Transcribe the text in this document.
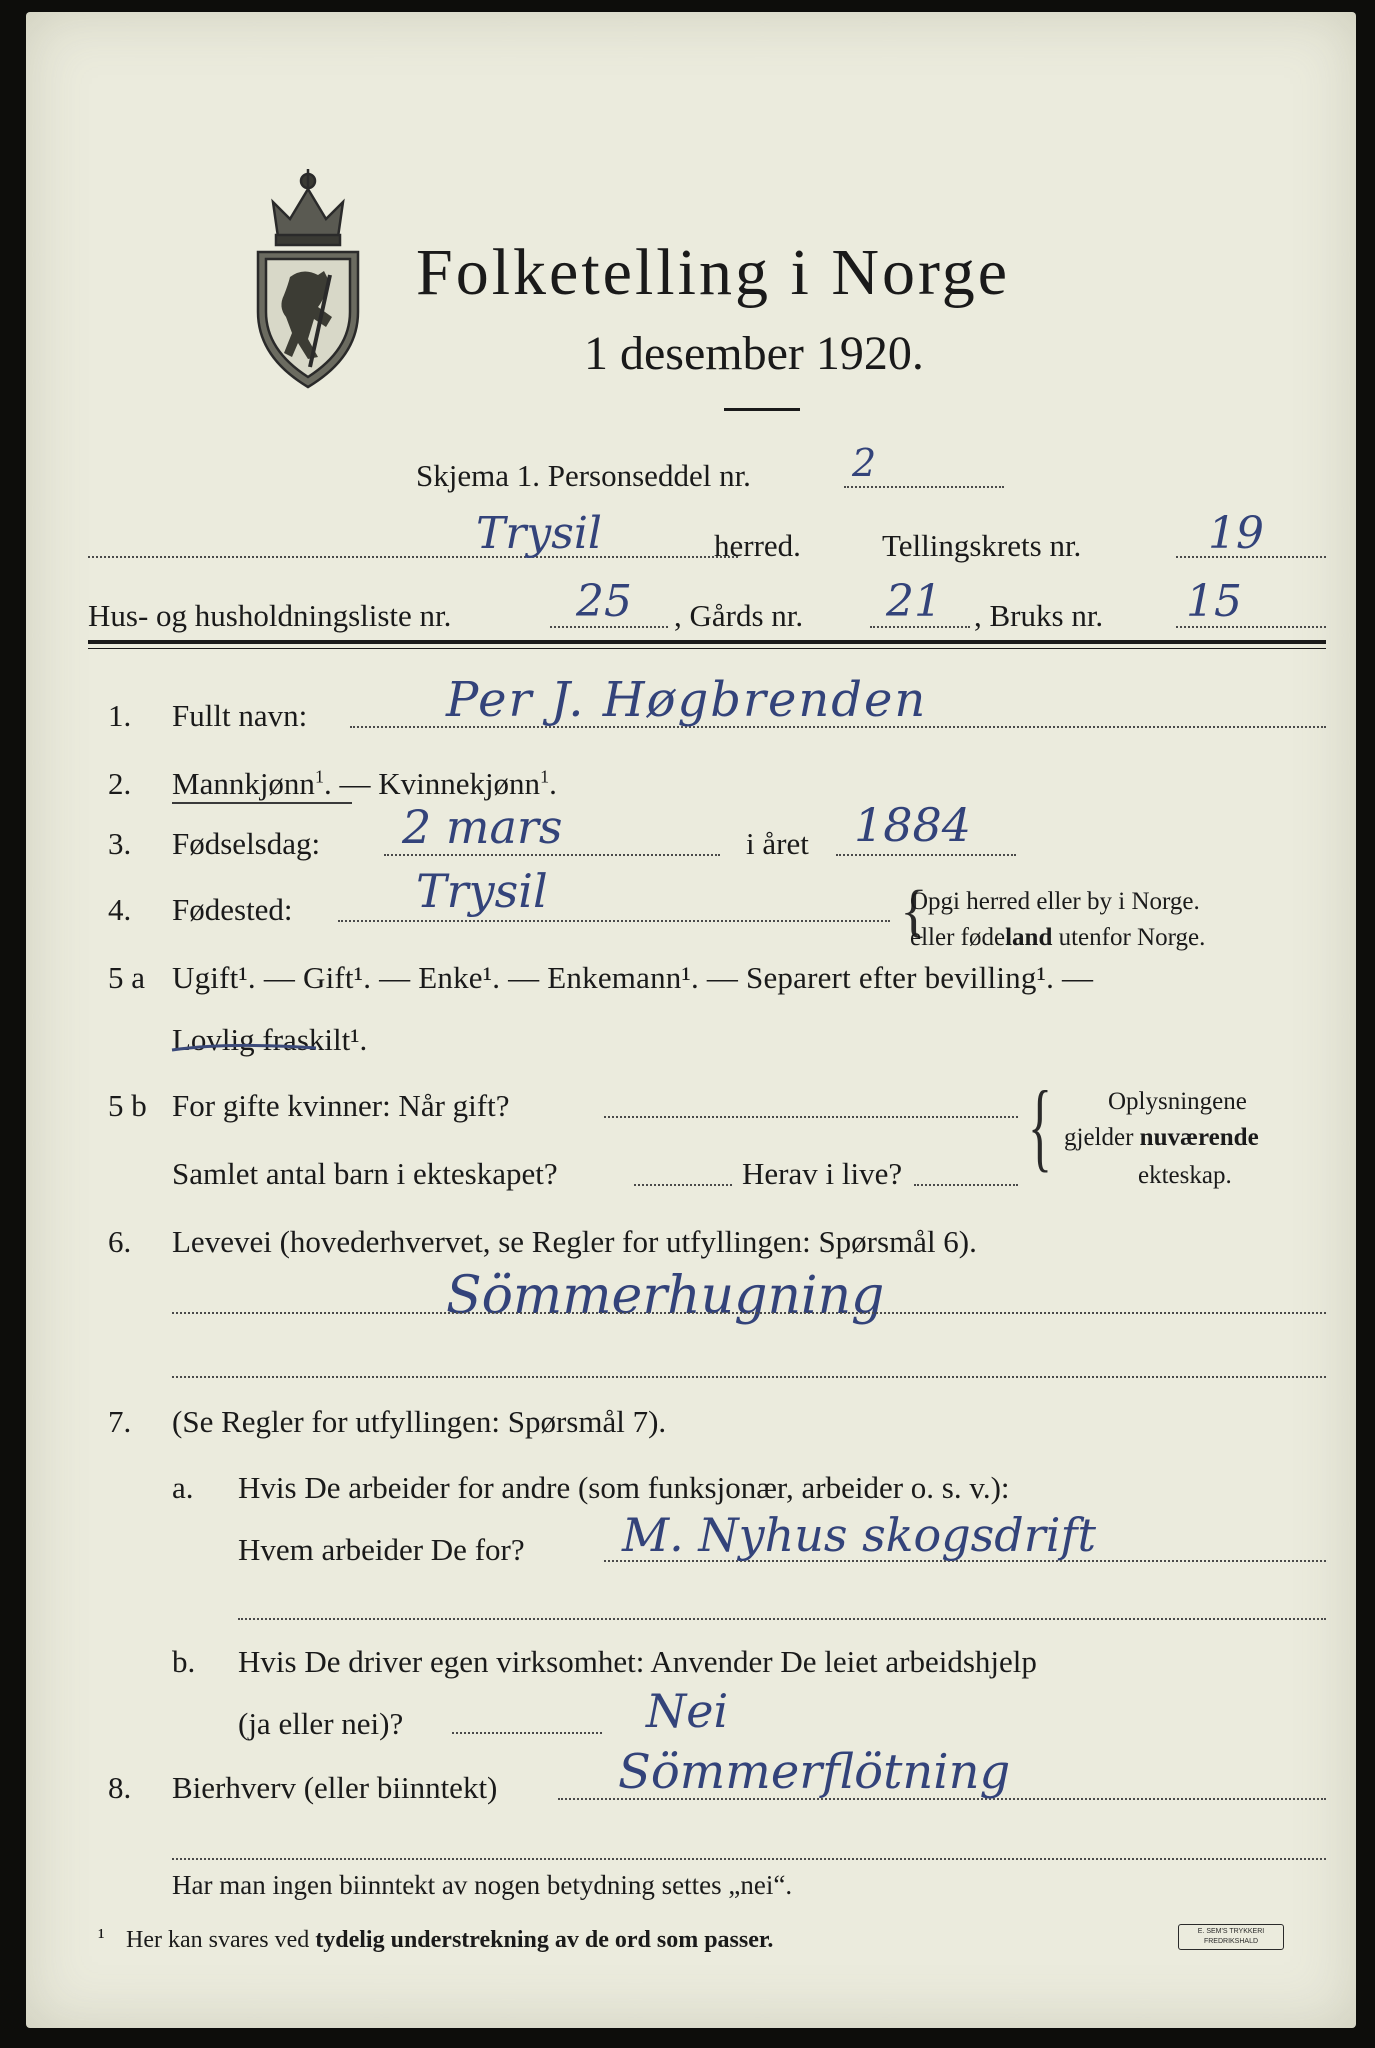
Folketelling i Norge
1 desember 1920.
Skjema 1. Personseddel nr.	2
Trysil	herred.	Tellingskrets nr.	19
Hus- og husholdningsliste nr.	25 , Gårds nr. 21 , Bruks nr. 15
1. Fullt navn:	Per J. Høgbrenden
2. Mannkjønn$^1$. — Kvinnekjønn$^1$.
3. Fødselsdag: 2 mars	i året 1884
4. Fødested:	Trysil	{
Opgi herred eller by i Norge.
eller fødeland utenfor Norge.
5 a Ugift¹. — Gift¹. — Enke¹. — Enkemann¹. — Separert efter bevilling¹. —
Lovlig fraskilt¹.
5 b For gifte kvinner: Når gift?
Samlet antal barn i ekteskapet?	Herav i live? { Oplysningene
gjelder nuværende
ekteskap.
6. Levevei (hovederhvervet, se Regler for utfyllingen: Spørsmål 6).
Sömmerhugning
7. (Se Regler for utfyllingen: Spørsmål 7).
a. Hvis De arbeider for andre (som funksjonær, arbeider o. s. v.):
Hvem arbeider De for? M. Nyhus skogsdrift
b. Hvis De driver egen virksomhet: Anvender De leiet arbeidshjelp
(ja eller nei)?	Nei
8. Bierhverv (eller biinntekt)	Sömmerflötning
Har man ingen biinntekt av nogen betydning settes „nei“.
¹ Her kan svares ved tydelig understrekning av de ord som passer.	E. SEM'S TRYKKERI
FREDRIKSHALD
